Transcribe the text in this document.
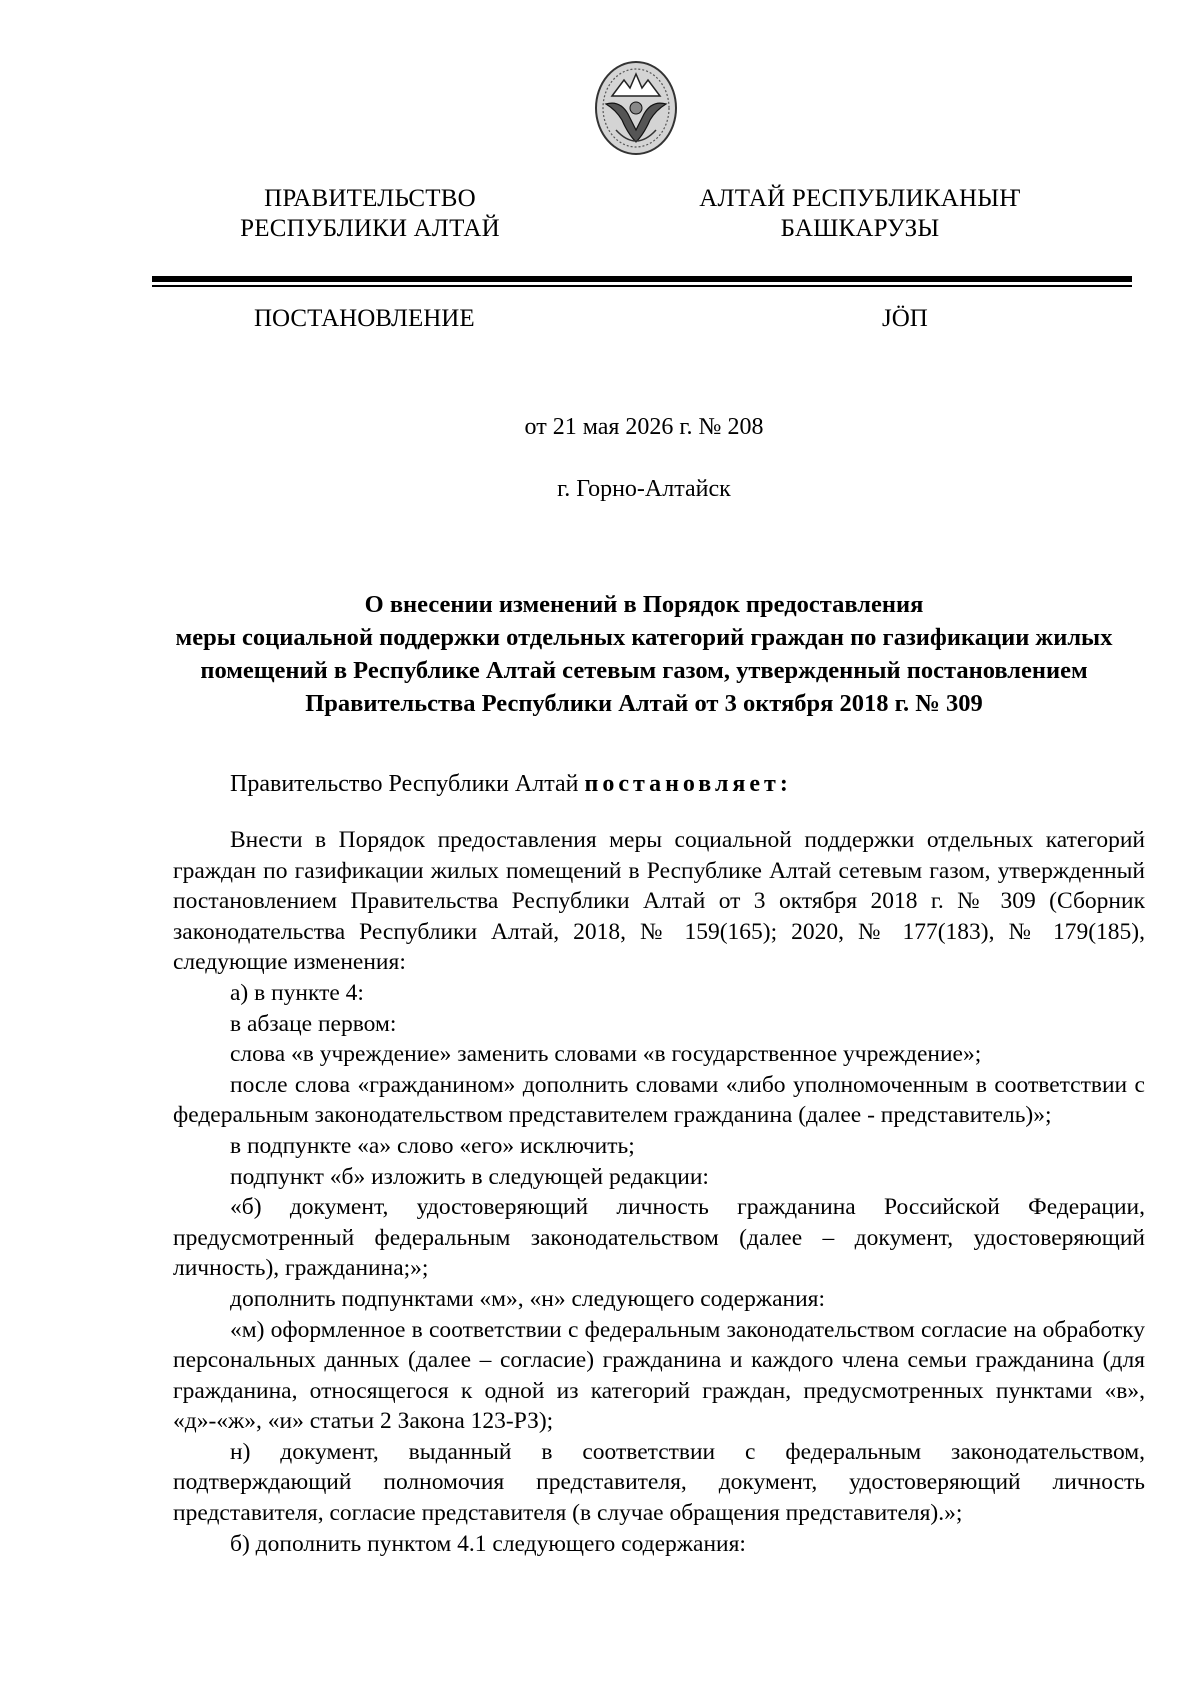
ПРАВИТЕЛЬСТВО
РЕСПУБЛИКИ АЛТАЙ
АЛТАЙ РЕСПУБЛИКАНЫҤ
БАШКАРУЗЫ
ПОСТАНОВЛЕНИЕ	JӦП
от 21 мая 2026 г. № 208
г. Горно-Алтайск
О внесении изменений в Порядок предоставления
меры социальной поддержки отдельных категорий граждан по газификации жилых
помещений в Республике Алтай сетевым газом, утвержденный постановлением
Правительства Республики Алтай от 3 октября 2018 г. № 309
Правительство Республики Алтай постановляет:

Внести в Порядок предоставления меры социальной поддержки отдельных категорий граждан по газификации жилых помещений в Республике Алтай сетевым газом, утвержденный постановлением Правительства Республики Алтай от 3 октября 2018 г. № 309 (Сборник законодательства Республики Алтай, 2018, № 159(165); 2020, № 177(183), № 179(185), следующие изменения:

а) в пункте 4:

в абзаце первом:

слова «в учреждение» заменить словами «в государственное учреждение»;

после слова «гражданином» дополнить словами «либо уполномоченным в соответствии с федеральным законодательством представителем гражданина (далее - представитель)»;

в подпункте «а» слово «его» исключить;

подпункт «б» изложить в следующей редакции:

«б) документ, удостоверяющий личность гражданина Российской Федерации, предусмотренный федеральным законодательством (далее – документ, удостоверяющий личность), гражданина;»;

дополнить подпунктами «м», «н» следующего содержания:

«м) оформленное в соответствии с федеральным законодательством согласие на обработку персональных данных (далее – согласие) гражданина и каждого члена семьи гражданина (для гражданина, относящегося к одной из категорий граждан, предусмотренных пунктами «в», «д»-«ж», «и» статьи 2 Закона 123-РЗ);

н) документ, выданный в соответствии с федеральным законодательством, подтверждающий полномочия представителя, документ, удостоверяющий личность представителя, согласие представителя (в случае обращения представителя).»;

б) дополнить пунктом 4.1 следующего содержания:
